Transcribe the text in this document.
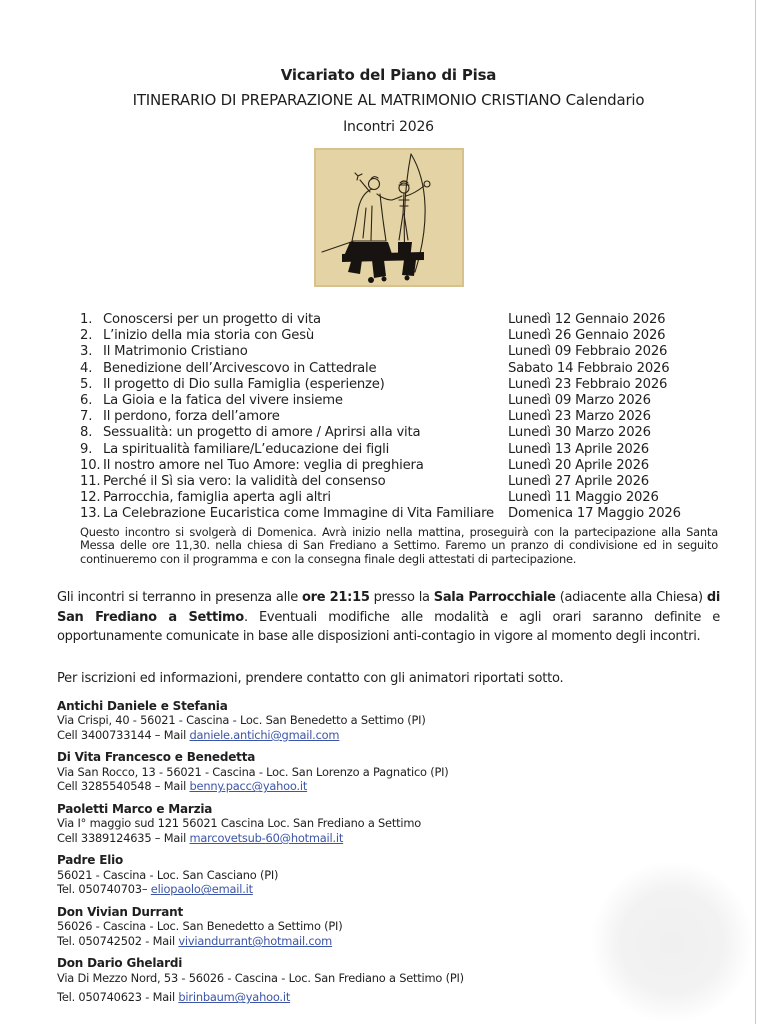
Vicariato del Piano di Pisa
ITINERARIO DI PREPARAZIONE AL MATRIMONIO CRISTIANO Calendario
Incontri 2026
1. Conoscersi per un progetto di vita	Lunedì 12 Gennaio 2026
2. L’inizio della mia storia con Gesù	Lunedì 26 Gennaio 2026
3. Il Matrimonio Cristiano	Lunedì 09 Febbraio 2026
4. Benedizione dell’Arcivescovo in Cattedrale	Sabato 14 Febbraio 2026
5. Il progetto di Dio sulla Famiglia (esperienze)	Lunedì 23 Febbraio 2026
6. La Gioia e la fatica del vivere insieme	Lunedì 09 Marzo 2026
7. Il perdono, forza dell’amore	Lunedì 23 Marzo 2026
8. Sessualità: un progetto di amore / Aprirsi alla vita	Lunedì 30 Marzo 2026
9. La spiritualità familiare/L’educazione dei figli	Lunedì 13 Aprile 2026
10. Il nostro amore nel Tuo Amore: veglia di preghiera	Lunedì 20 Aprile 2026
11. Perché il Sì sia vero: la validità del consenso	Lunedì 27 Aprile 2026
12. Parrocchia, famiglia aperta agli altri	Lunedì 11 Maggio 2026
13. La Celebrazione Eucaristica come Immagine di Vita Familiare	Domenica 17 Maggio 2026

Questo incontro si svolgerà di Domenica. Avrà inizio nella mattina, proseguirà con la partecipazione alla Santa Messa delle ore 11,30. nella chiesa di San Frediano a Settimo. Faremo un pranzo di condivisione ed in seguito continueremo con il programma e con la consegna finale degli attestati di partecipazione.

Gli incontri si terranno in presenza alle ore 21:15 presso la Sala Parrocchiale (adiacente alla Chiesa) di San Frediano a Settimo. Eventuali modifiche alle modalità e agli orari saranno definite e opportunamente comunicate in base alle disposizioni anti-contagio in vigore al momento degli incontri.

Per iscrizioni ed informazioni, prendere contatto con gli animatori riportati sotto.

Antichi Daniele e Stefania
Via Crispi, 40 - 56021 - Cascina - Loc. San Benedetto a Settimo (PI)
Cell 3400733144 – Mail daniele.antichi@gmail.com
Di Vita Francesco e Benedetta
Via San Rocco, 13 - 56021 - Cascina - Loc. San Lorenzo a Pagnatico (PI)
Cell 3285540548 – Mail benny.pacc@yahoo.it
Paoletti Marco e Marzia
Via I° maggio sud 121 56021 Cascina Loc. San Frediano a Settimo
Cell 3389124635 – Mail marcovetsub-60@hotmail.it
Padre Elio
56021 - Cascina - Loc. San Casciano (PI)
Tel. 050740703– eliopaolo@email.it
Don Vivian Durrant
56026 - Cascina - Loc. San Benedetto a Settimo (PI)
Tel. 050742502 - Mail viviandurrant@hotmail.com
Don Dario Ghelardi
Via Di Mezzo Nord, 53 - 56026 - Cascina - Loc. San Frediano a Settimo (PI)
Tel. 050740623 - Mail birinbaum@yahoo.it
